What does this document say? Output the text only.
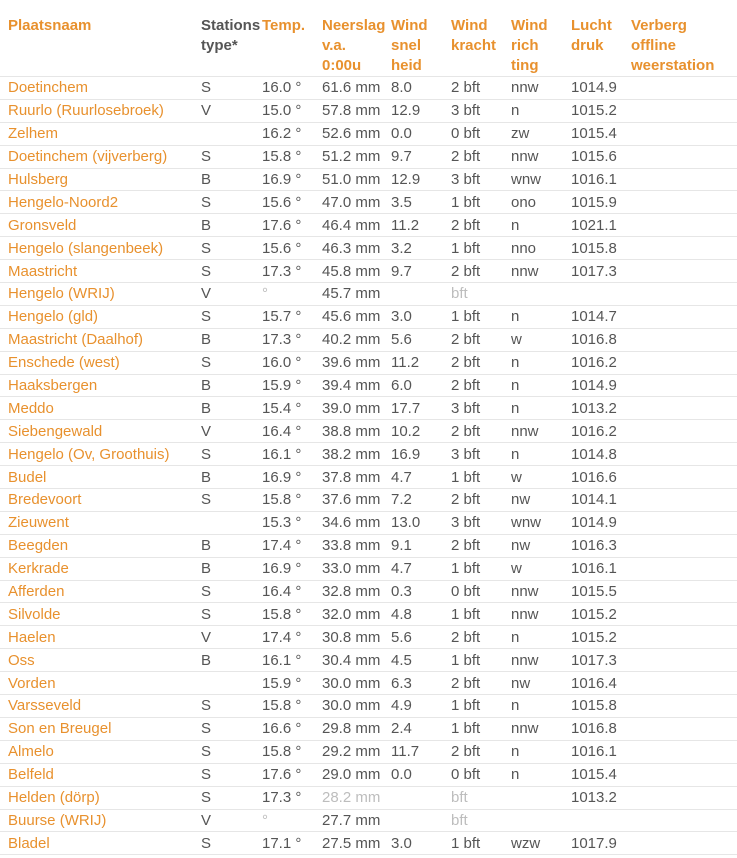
Plaatsnaam	Stations
type*	Temp.	Neerslag
v.a.
0:00u	Wind
snel
heid	Wind
kracht	Wind
rich
ting	Lucht
druk	Verberg
offline
weerstation
Doetinchem	S	16.0 °	61.6 mm	8.0	2 bft	nnw	1014.9	
Ruurlo (Ruurlosebroek)	V	15.0 °	57.8 mm	12.9	3 bft	n	1015.2	
Zelhem		16.2 °	52.6 mm	0.0	0 bft	zw	1015.4	
Doetinchem (vijverberg)	S	15.8 °	51.2 mm	9.7	2 bft	nnw	1015.6	
Hulsberg	B	16.9 °	51.0 mm	12.9	3 bft	wnw	1016.1	
Hengelo-Noord2	S	15.6 °	47.0 mm	3.5	1 bft	ono	1015.9	
Gronsveld	B	17.6 °	46.4 mm	11.2	2 bft	n	1021.1	
Hengelo (slangenbeek)	S	15.6 °	46.3 mm	3.2	1 bft	nno	1015.8	
Maastricht	S	17.3 °	45.8 mm	9.7	2 bft	nnw	1017.3	
Hengelo (WRIJ)	V	°	45.7 mm		bft			
Hengelo (gld)	S	15.7 °	45.6 mm	3.0	1 bft	n	1014.7	
Maastricht (Daalhof)	B	17.3 °	40.2 mm	5.6	2 bft	w	1016.8	
Enschede (west)	S	16.0 °	39.6 mm	11.2	2 bft	n	1016.2	
Haaksbergen	B	15.9 °	39.4 mm	6.0	2 bft	n	1014.9	
Meddo	B	15.4 °	39.0 mm	17.7	3 bft	n	1013.2	
Siebengewald	V	16.4 °	38.8 mm	10.2	2 bft	nnw	1016.2	
Hengelo (Ov, Groothuis)	S	16.1 °	38.2 mm	16.9	3 bft	n	1014.8	
Budel	B	16.9 °	37.8 mm	4.7	1 bft	w	1016.6	
Bredevoort	S	15.8 °	37.6 mm	7.2	2 bft	nw	1014.1	
Zieuwent		15.3 °	34.6 mm	13.0	3 bft	wnw	1014.9	
Beegden	B	17.4 °	33.8 mm	9.1	2 bft	nw	1016.3	
Kerkrade	B	16.9 °	33.0 mm	4.7	1 bft	w	1016.1	
Afferden	S	16.4 °	32.8 mm	0.3	0 bft	nnw	1015.5	
Silvolde	S	15.8 °	32.0 mm	4.8	1 bft	nnw	1015.2	
Haelen	V	17.4 °	30.8 mm	5.6	2 bft	n	1015.2	
Oss	B	16.1 °	30.4 mm	4.5	1 bft	nnw	1017.3	
Vorden		15.9 °	30.0 mm	6.3	2 bft	nw	1016.4	
Varsseveld	S	15.8 °	30.0 mm	4.9	1 bft	n	1015.8	
Son en Breugel	S	16.6 °	29.8 mm	2.4	1 bft	nnw	1016.8	
Almelo	S	15.8 °	29.2 mm	11.7	2 bft	n	1016.1	
Belfeld	S	17.6 °	29.0 mm	0.0	0 bft	n	1015.4	
Helden (dörp)	S	17.3 °	28.2 mm		bft		1013.2	
Buurse (WRIJ)	V	°	27.7 mm		bft			
Bladel	S	17.1 °	27.5 mm	3.0	1 bft	wzw	1017.9	
